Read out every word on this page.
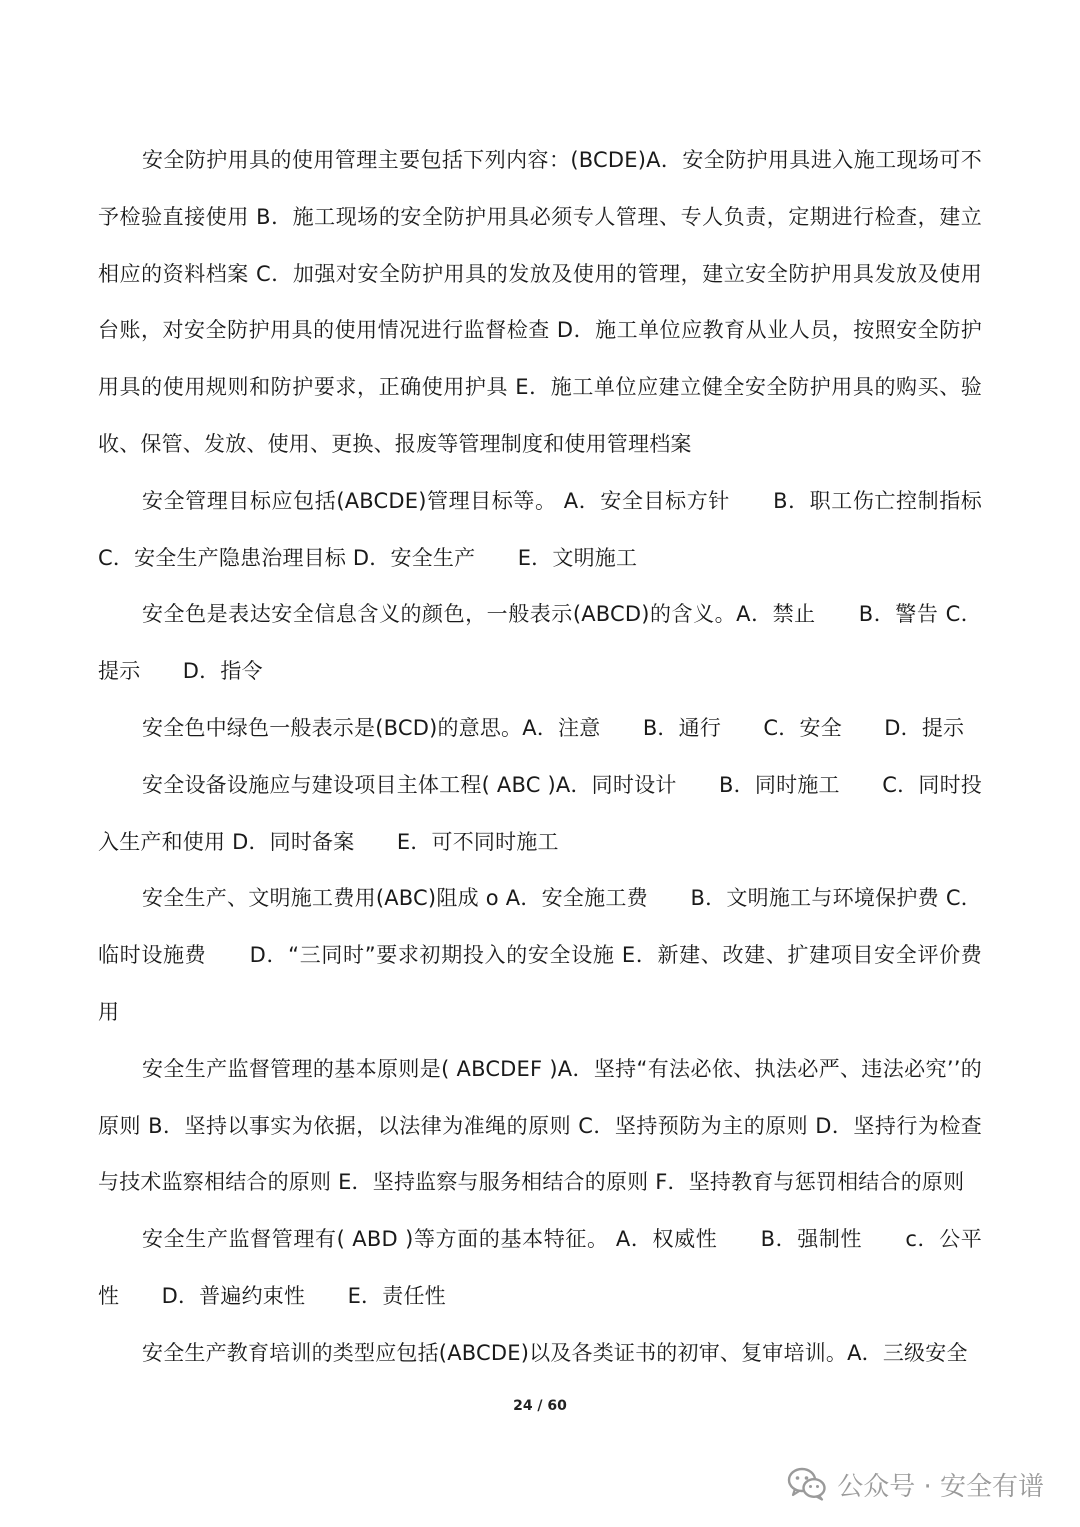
安全防护用具的使用管理主要包括下列内容：(BCDE)A．安全防护用具进入施工现场可不予检验直接使用 B．施工现场的安全防护用具必须专人管理、专人负责，定期进行检查，建立相应的资料档案 C．加强对安全防护用具的发放及使用的管理，建立安全防护用具发放及使用台账，对安全防护用具的使用情况进行监督检查 D．施工单位应教育从业人员，按照安全防护用具的使用规则和防护要求，正确使用护具 E．施工单位应建立健全安全防护用具的购买、验收、保管、发放、使用、更换、报废等管理制度和使用管理档案

安全管理目标应包括(ABCDE)管理目标等。 A．安全目标方针　　B．职工伤亡控制指标 C．安全生产隐患治理目标 D．安全生产　　E．文明施工

安全色是表达安全信息含义的颜色，一般表示(ABCD)的含义。A．禁止　　B．警告 C．提示　　D．指令

安全色中绿色一般表示是(BCD)的意思。A．注意　　B．通行　　C．安全　　D．提示

安全设备设施应与建设项目主体工程( ABC )A．同时设计　　B．同时施工　　C．同时投入生产和使用 D．同时备案　　E．可不同时施工

安全生产、文明施工费用(ABC)阻成 o A．安全施工费　　B．文明施工与环境保护费 C．临时设施费　　D．“三同时”要求初期投入的安全设施 E．新建、改建、扩建项目安全评价费用

安全生产监督管理的基本原则是( ABCDEF )A．坚持“有法必依、执法必严、违法必究’’的原则 B．坚持以事实为依据，以法律为准绳的原则 C．坚持预防为主的原则 D．坚持行为检查与技术监察相结合的原则 E．坚持监察与服务相结合的原则 F．坚持教育与惩罚相结合的原则

安全生产监督管理有( ABD )等方面的基本特征。 A．权威性　　B．强制性　　c．公平性　　D．普遍约束性　　E．责任性

安全生产教育培训的类型应包括(ABCDE)以及各类证书的初审、复审培训。A．三级安全

24 / 60
公众号 · 安全有谱
